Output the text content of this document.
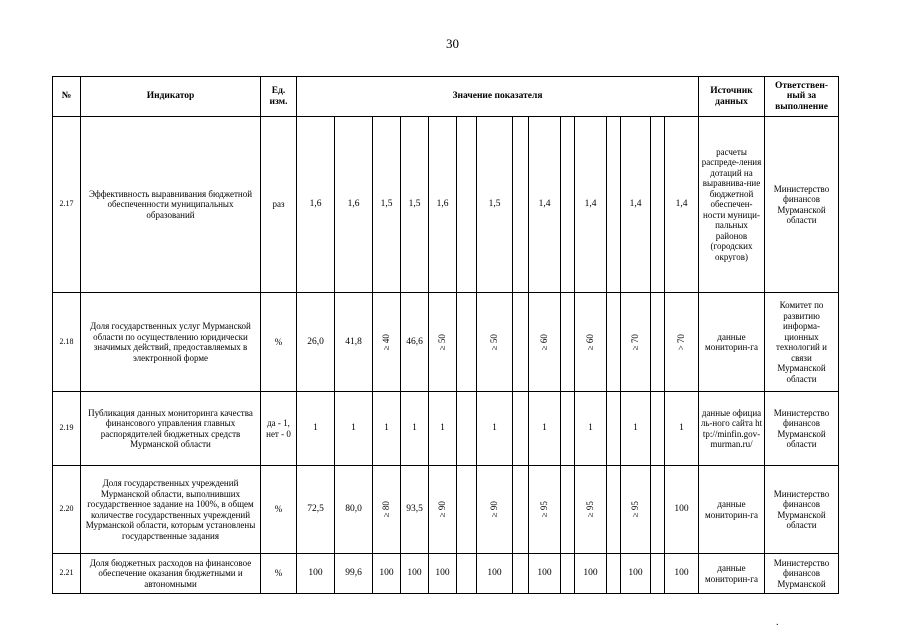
30
№	Индикатор	Ед. изм.	Значение показателя															Источник данных	Ответствен-ный за выполнение
2.17	Эффективность выравнивания бюджетной обеспеченности муниципальных образований	раз	1,6	1,6	1,5	1,5	1,6		1,5		1,4		1,4		1,4		1,4	расчеты распреде-ления дотаций на выравнива-ние бюджетной обеспечен-ности муници-пальных районов (городских округов)	Министерство финансов Мурманской области
2.18	Доля государственных услуг Мурманской области по осуществлению юридически значимых действий, предоставляемых в электронной форме	%	26,0	41,8	≥ 40	46,6	≥ 50		≥ 50		≥ 60		≥ 60		≥ 70		> 70	данные мониторин-га	Комитет по развитию информа-ционных технологий и связи Мурманской области
2.19	Публикация данных мониторинга качества финансового управления главных распорядителей бюджетных средств Мурманской области	да - 1, нет - 0	1	1	1	1	1		1		1		1		1		1	данные официаль-ного сайта http://minfin.gov-murman.ru/	Министерство финансов Мурманской области
2.20	Доля государственных учреждений Мурманской области, выполнивших государственное задание на 100%, в общем количестве государственных учреждений Мурманской области, которым установлены государственные задания	%	72,5	80,0	≥ 80	93,5	≥ 90		≥ 90		≥ 95		≥ 95		≥ 95		100	данные мониторин-га	Министерство финансов Мурманской области
2.21	Доля бюджетных расходов на финансовое обеспечение оказания бюджетными и автономными	%	100	99,6	100	100	100		100		100		100		100		100	данные мониторин-га	Министерство финансов Мурманской
.
